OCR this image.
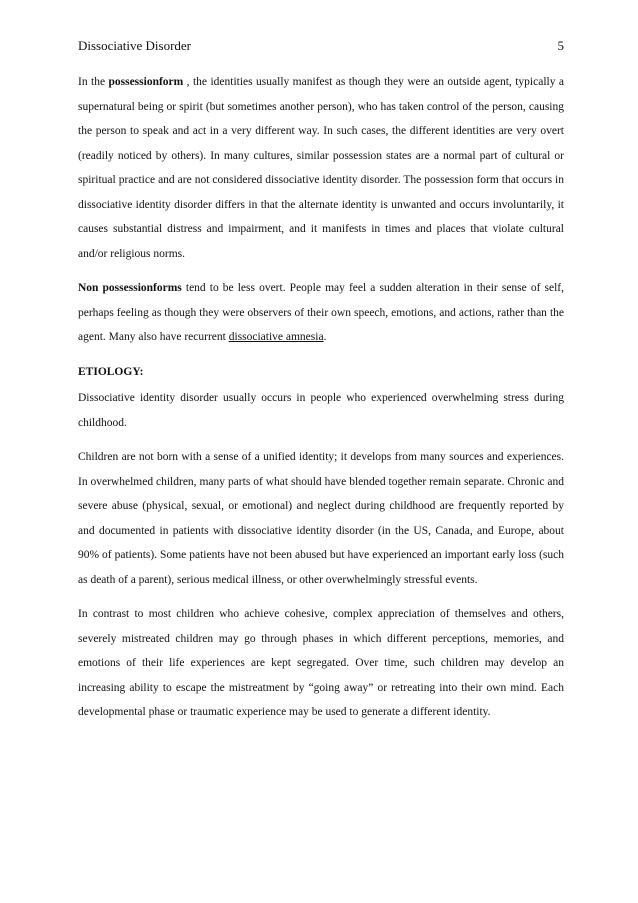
Dissociative Disorder	5

In the possessionform , the identities usually manifest as though they were an outside agent, typically a supernatural being or spirit (but sometimes another person), who has taken control of the person, causing the person to speak and act in a very different way. In such cases, the different identities are very overt (readily noticed by others). In many cultures, similar possession states are a normal part of cultural or spiritual practice and are not considered dissociative identity disorder. The possession form that occurs in dissociative identity disorder differs in that the alternate identity is unwanted and occurs involuntarily, it causes substantial distress and impairment, and it manifests in times and places that violate cultural and/or religious norms.

Non possessionforms tend to be less overt. People may feel a sudden alteration in their sense of self, perhaps feeling as though they were observers of their own speech, emotions, and actions, rather than the agent. Many also have recurrent dissociative amnesia.

ETIOLOGY:

Dissociative identity disorder usually occurs in people who experienced overwhelming stress during childhood.

Children are not born with a sense of a unified identity; it develops from many sources and experiences. In overwhelmed children, many parts of what should have blended together remain separate. Chronic and severe abuse (physical, sexual, or emotional) and neglect during childhood are frequently reported by and documented in patients with dissociative identity disorder (in the US, Canada, and Europe, about 90% of patients). Some patients have not been abused but have experienced an important early loss (such as death of a parent), serious medical illness, or other overwhelmingly stressful events.

In contrast to most children who achieve cohesive, complex appreciation of themselves and others, severely mistreated children may go through phases in which different perceptions, memories, and emotions of their life experiences are kept segregated. Over time, such children may develop an increasing ability to escape the mistreatment by “going away” or retreating into their own mind. Each developmental phase or traumatic experience may be used to generate a different identity.
